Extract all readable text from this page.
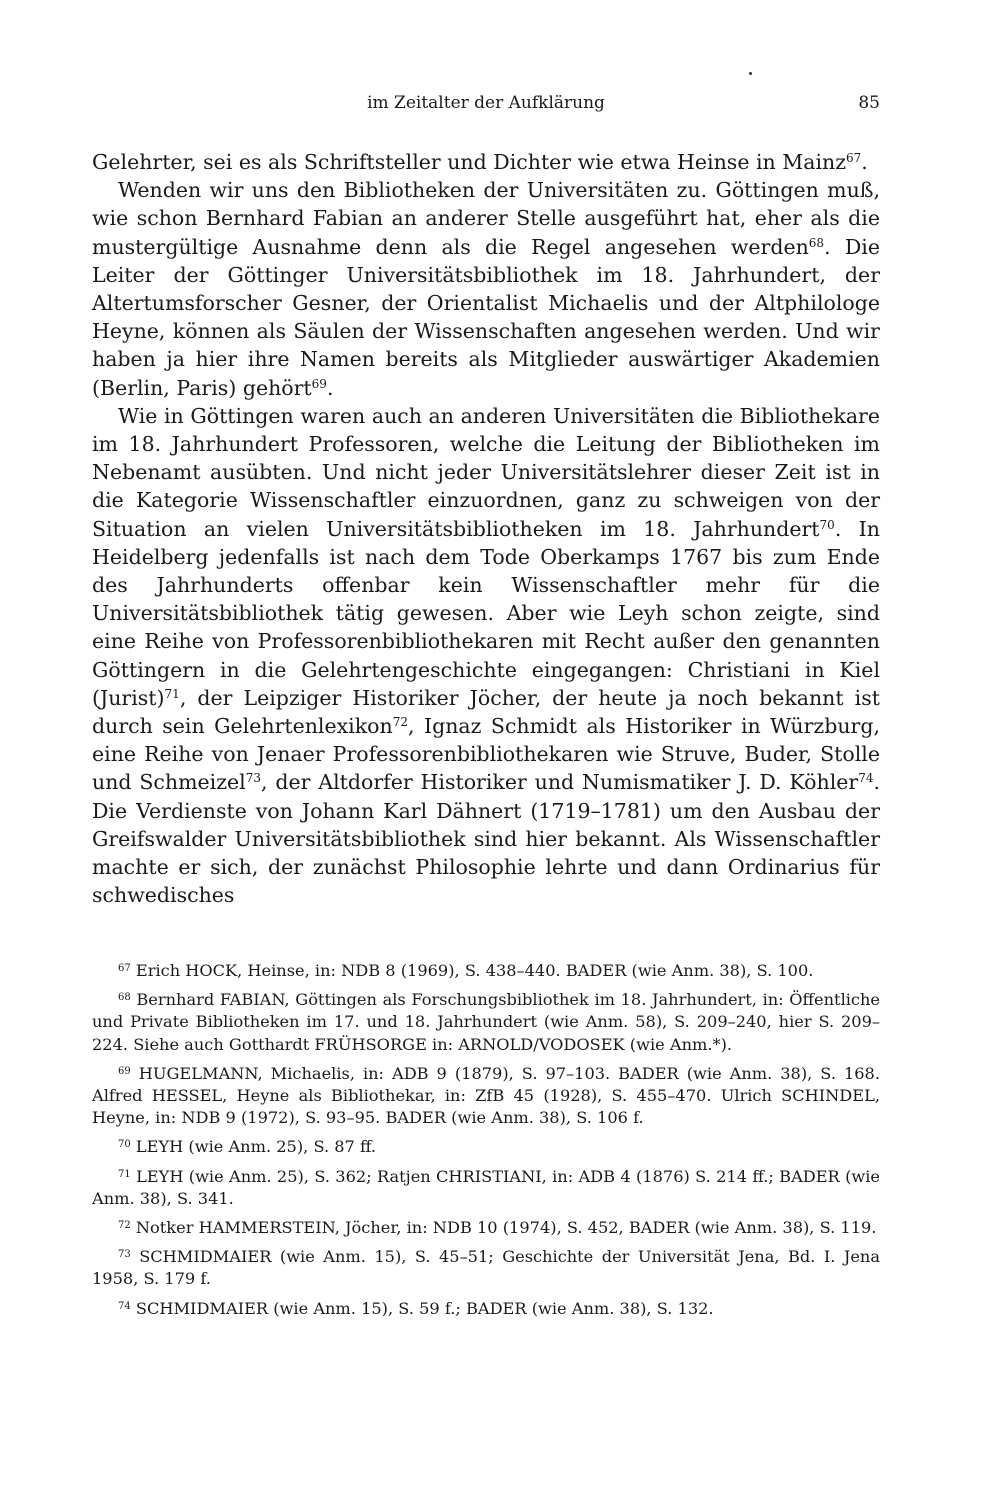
im Zeitalter der Aufklärung	85

Gelehrter, sei es als Schriftsteller und Dichter wie etwa Heinse in Mainz$^{67}$.

Wenden wir uns den Bibliotheken der Universitäten zu. Göttingen muß, wie schon Bernhard Fabian an anderer Stelle ausgeführt hat, eher als die mustergültige Ausnahme denn als die Regel angesehen werden$^{68}$. Die Leiter der Göttinger Universitätsbibliothek im 18. Jahrhundert, der Altertumsforscher Gesner, der Orientalist Michaelis und der Altphilologe Heyne, können als Säulen der Wissenschaften angesehen werden. Und wir haben ja hier ihre Namen bereits als Mitglieder auswärtiger Akademien (Berlin, Paris) gehört$^{69}$.

Wie in Göttingen waren auch an anderen Universitäten die Bibliothekare im 18. Jahrhundert Professoren, welche die Leitung der Bibliotheken im Nebenamt ausübten. Und nicht jeder Universitätslehrer dieser Zeit ist in die Kategorie Wissenschaftler einzuordnen, ganz zu schweigen von der Situation an vielen Universitätsbibliotheken im 18. Jahrhundert$^{70}$. In Heidelberg jedenfalls ist nach dem Tode Oberkamps 1767 bis zum Ende des Jahrhunderts offenbar kein Wissenschaftler mehr für die Universitätsbibliothek tätig gewesen. Aber wie Leyh schon zeigte, sind eine Reihe von Professorenbibliothekaren mit Recht außer den genannten Göttingern in die Gelehrtengeschichte eingegangen: Christiani in Kiel (Jurist)$^{71}$, der Leipziger Historiker Jöcher, der heute ja noch bekannt ist durch sein Gelehrtenlexikon$^{72}$, Ignaz Schmidt als Historiker in Würzburg, eine Reihe von Jenaer Professorenbibliothekaren wie Struve, Buder, Stolle und Schmeizel$^{73}$, der Altdorfer Historiker und Numismatiker J. D. Köhler$^{74}$. Die Verdienste von Johann Karl Dähnert (1719–1781) um den Ausbau der Greifswalder Universitätsbibliothek sind hier bekannt. Als Wissenschaftler machte er sich, der zunächst Philosophie lehrte und dann Ordinarius für schwedisches

$^{67}$ Erich HOCK, Heinse, in: NDB 8 (1969), S. 438–440. BADER (wie Anm. 38), S. 100.

$^{68}$ Bernhard FABIAN, Göttingen als Forschungsbibliothek im 18. Jahrhundert, in: Öffentliche und Private Bibliotheken im 17. und 18. Jahrhundert (wie Anm. 58), S. 209–240, hier S. 209–224. Siehe auch Gotthardt FRÜHSORGE in: ARNOLD/VODOSEK (wie Anm.*).

$^{69}$ HUGELMANN, Michaelis, in: ADB 9 (1879), S. 97–103. BADER (wie Anm. 38), S. 168. Alfred HESSEL, Heyne als Bibliothekar, in: ZfB 45 (1928), S. 455–470. Ulrich SCHINDEL, Heyne, in: NDB 9 (1972), S. 93–95. BADER (wie Anm. 38), S. 106 f.

$^{70}$ LEYH (wie Anm. 25), S. 87 ff.

$^{71}$ LEYH (wie Anm. 25), S. 362; Ratjen CHRISTIANI, in: ADB 4 (1876) S. 214 ff.; BADER (wie Anm. 38), S. 341.

$^{72}$ Notker HAMMERSTEIN, Jöcher, in: NDB 10 (1974), S. 452, BADER (wie Anm. 38), S. 119.

$^{73}$ SCHMIDMAIER (wie Anm. 15), S. 45–51; Geschichte der Universität Jena, Bd. I. Jena 1958, S. 179 f.

$^{74}$ SCHMIDMAIER (wie Anm. 15), S. 59 f.; BADER (wie Anm. 38), S. 132.
